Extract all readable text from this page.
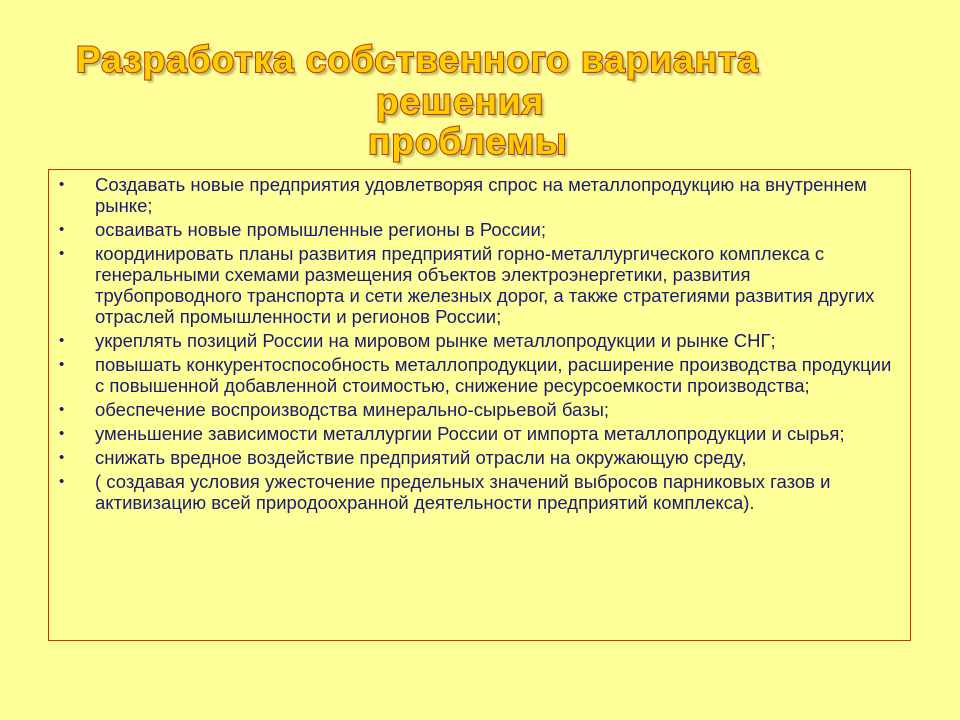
Разработка собственного варианта
решения
проблемы
• Создавать новые предприятия удовлетворяя спрос на металлопродукцию на внутреннем рынке;
• осваивать новые промышленные регионы в России;
• координировать планы развития предприятий горно-металлургического комплекса с генеральными схемами размещения объектов электроэнергетики, развития трубопроводного транспорта и сети железных дорог, а также стратегиями развития других отраслей промышленности и регионов России;
• укреплять позиций России на мировом рынке металлопродукции и рынке СНГ;
• повышать конкурентоспособность металлопродукции, расширение производства продукции с повышенной добавленной стоимостью, снижение ресурсоемкости производства;
• обеспечение воспроизводства минерально-сырьевой базы;
• уменьшение зависимости металлургии России от импорта металлопродукции и сырья;
• снижать вредное воздействие предприятий отрасли на окружающую среду,
• ( создавая условия ужесточение предельных значений выбросов парниковых газов и активизацию всей природоохранной деятельности предприятий комплекса).
